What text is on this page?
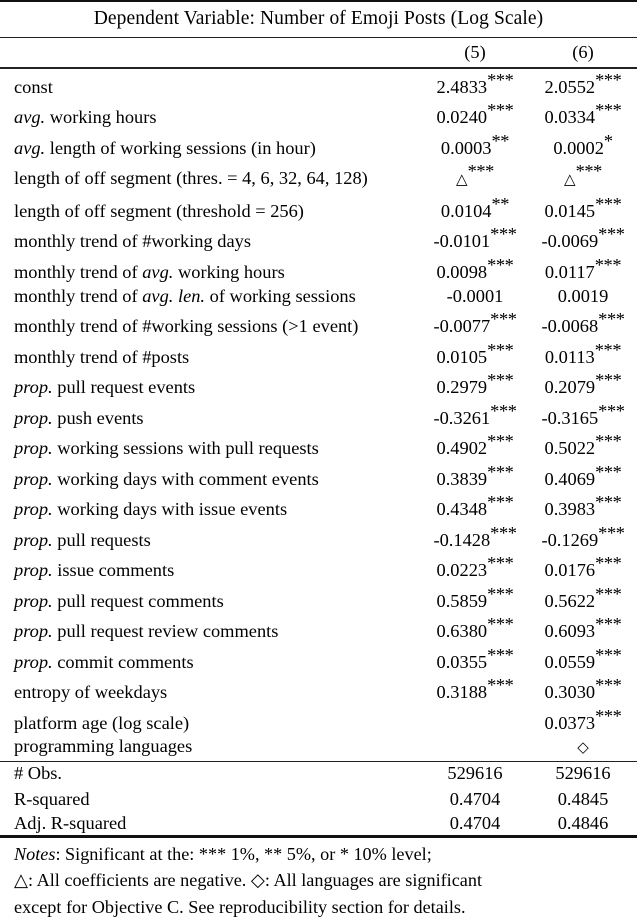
Dependent Variable: Number of Emoji Posts (Log Scale)
	(5)	(6)
const	2.4833***	2.0552***
avg. working hours	0.0240***	0.0334***
avg. length of working sessions (in hour)	0.0003**	0.0002*
length of off segment (thres. = 4, 6, 32, 64, 128)	△***	△***
length of off segment (threshold = 256)	0.0104**	0.0145***
monthly trend of #working days	-0.0101***	-0.0069***
monthly trend of avg. working hours	0.0098***	0.0117***
monthly trend of avg. len. of working sessions	-0.0001	0.0019
monthly trend of #working sessions (>1 event)	-0.0077***	-0.0068***
monthly trend of #posts	0.0105***	0.0113***
prop. pull request events	0.2979***	0.2079***
prop. push events	-0.3261***	-0.3165***
prop. working sessions with pull requests	0.4902***	0.5022***
prop. working days with comment events	0.3839***	0.4069***
prop. working days with issue events	0.4348***	0.3983***
prop. pull requests	-0.1428***	-0.1269***
prop. issue comments	0.0223***	0.0176***
prop. pull request comments	0.5859***	0.5622***
prop. pull request review comments	0.6380***	0.6093***
prop. commit comments	0.0355***	0.0559***
entropy of weekdays	0.3188***	0.3030***
platform age (log scale)		0.0373***
programming languages		◇
# Obs.	529616	529616
R-squared	0.4704	0.4845
Adj. R-squared	0.4704	0.4846
Notes: Significant at the: *** 1%, ** 5%, or * 10% level;
△: All coefficients are negative. ◇: All languages are significant
except for Objective C. See reproducibility section for details.
